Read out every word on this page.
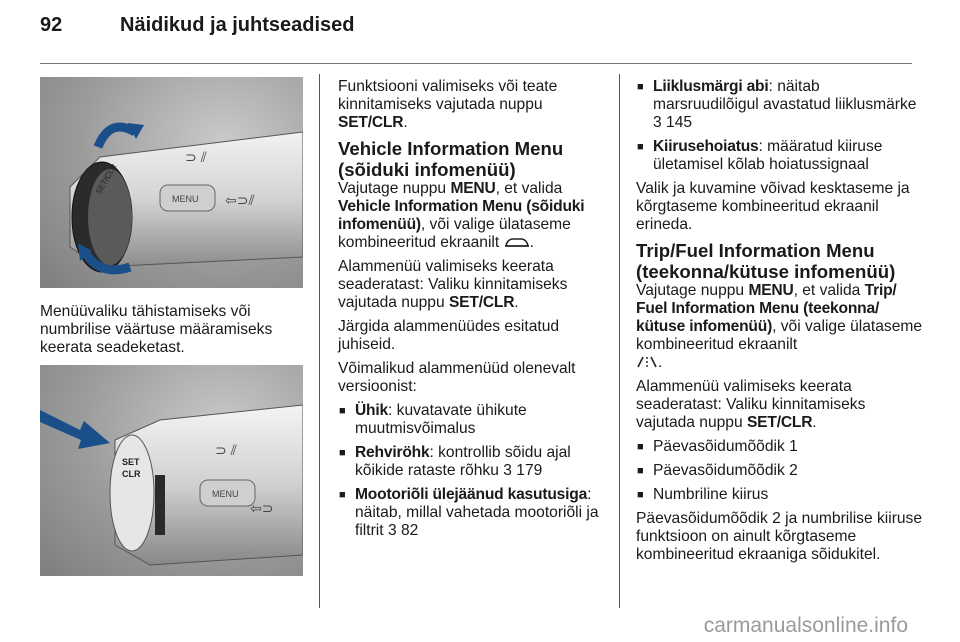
92	Näidikud ja juhtseadised
SET/CLR
MENU
⊃ ⫽
⇦⊃⫽
Menüüvaliku tähistamiseks või numbrilise väärtuse määramiseks keerata seadeketast.
SET
CLR
MENU
⊃ ⫽
⇦⊃

Funktsiooni valimiseks või teate kinnitamiseks vajutada nuppu
SET/CLR.

Vehicle Information Menu (sõiduki infomenüü)

Vajutage nuppu MENU, et valida Vehicle Information Menu (sõiduki infomenüü), või valige ülataseme kombineeritud ekraanilt .

Alammenüü valimiseks keerata seaderatast: Valiku kinnitamiseks vajutada nuppu SET/CLR.

Järgida alammenüüdes esitatud juhiseid.

Võimalikud alammenüüd olenevalt versioonist:

■ Ühik: kuvatavate ühikute muutmisvõimalus
■ Rehviröhk: kontrollib sõidu ajal kõikide rataste rõhku 3 179
■ Mootoriõli ülejäänud kasutusiga: näitab, millal vahetada mootoriõli ja filtrit 3 82
■ Liiklusmärgi abi: näitab marsruudilõigul avastatud liiklusmärke 3 145
■ Kiirusehoiatus: määratud kiiruse ületamisel kõlab hoiatussignaal

Valik ja kuvamine võivad kesktaseme ja kõrgtaseme kombineeritud ekraanil erineda.

Trip/Fuel Information Menu (teekonna/kütuse infomenüü)

Vajutage nuppu MENU, et valida Trip/ Fuel Information Menu (teekonna/ kütuse infomenüü), või valige ülataseme kombineeritud ekraanilt
.

Alammenüü valimiseks keerata seaderatast: Valiku kinnitamiseks vajutada nuppu SET/CLR.

■ Päevasõidumõõdik 1
■ Päevasõidumõõdik 2
■ Numbriline kiirus

Päevasõidumõõdik 2 ja numbrilise kiiruse funktsioon on ainult kõrgtaseme kombineeritud ekraaniga sõidukitel.

carmanualsonline.info
